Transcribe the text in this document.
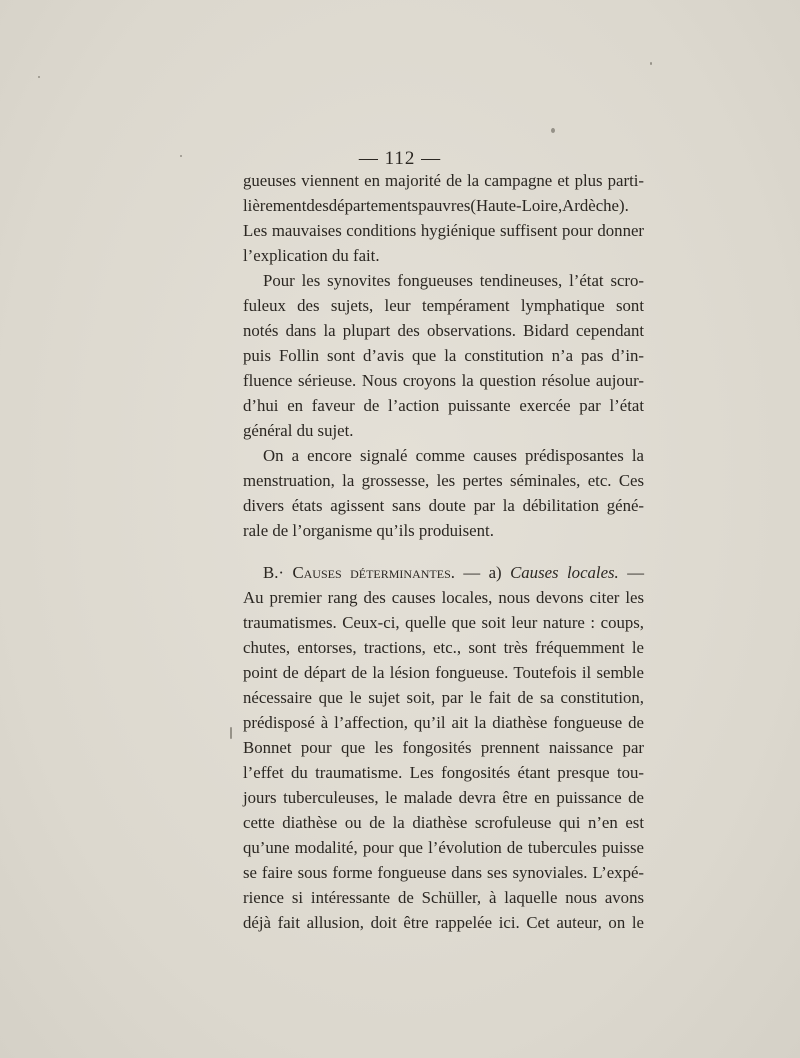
— 112 —
gueuses viennent en majorité de la campagne et plus parti-
lièrementdesdépartementspauvres(Haute-Loire,Ardèche).
Les mauvaises conditions hygiénique suffisent pour donner
l’explication du fait.
Pour les synovites fongueuses tendineuses, l’état scro-
fuleux des sujets, leur tempérament lymphatique sont
notés dans la plupart des observations. Bidard cependant
puis Follin sont d’avis que la constitution n’a pas d’in-
fluence sérieuse. Nous croyons la question résolue aujour-
d’hui en faveur de l’action puissante exercée par l’état
général du sujet.
On a encore signalé comme causes prédisposantes la
menstruation, la grossesse, les pertes séminales, etc. Ces
divers états agissent sans doute par la débilitation géné-
rale de l’organisme qu’ils produisent.
B.· Causes déterminantes. — a) Causes locales. —
Au premier rang des causes locales, nous devons citer les
traumatismes. Ceux-ci, quelle que soit leur nature : coups,
chutes, entorses, tractions, etc., sont très fréquemment le
point de départ de la lésion fongueuse. Toutefois il semble
nécessaire que le sujet soit, par le fait de sa constitution,
prédisposé à l’affection, qu’il ait la diathèse fongueuse de
Bonnet pour que les fongosités prennent naissance par
l’effet du traumatisme. Les fongosités étant presque tou-
jours tuberculeuses, le malade devra être en puissance de
cette diathèse ou de la diathèse scrofuleuse qui n’en est
qu’une modalité, pour que l’évolution de tubercules puisse
se faire sous forme fongueuse dans ses synoviales. L’expé-
rience si intéressante de Schüller, à laquelle nous avons
déjà fait allusion, doit être rappelée ici. Cet auteur, on le
